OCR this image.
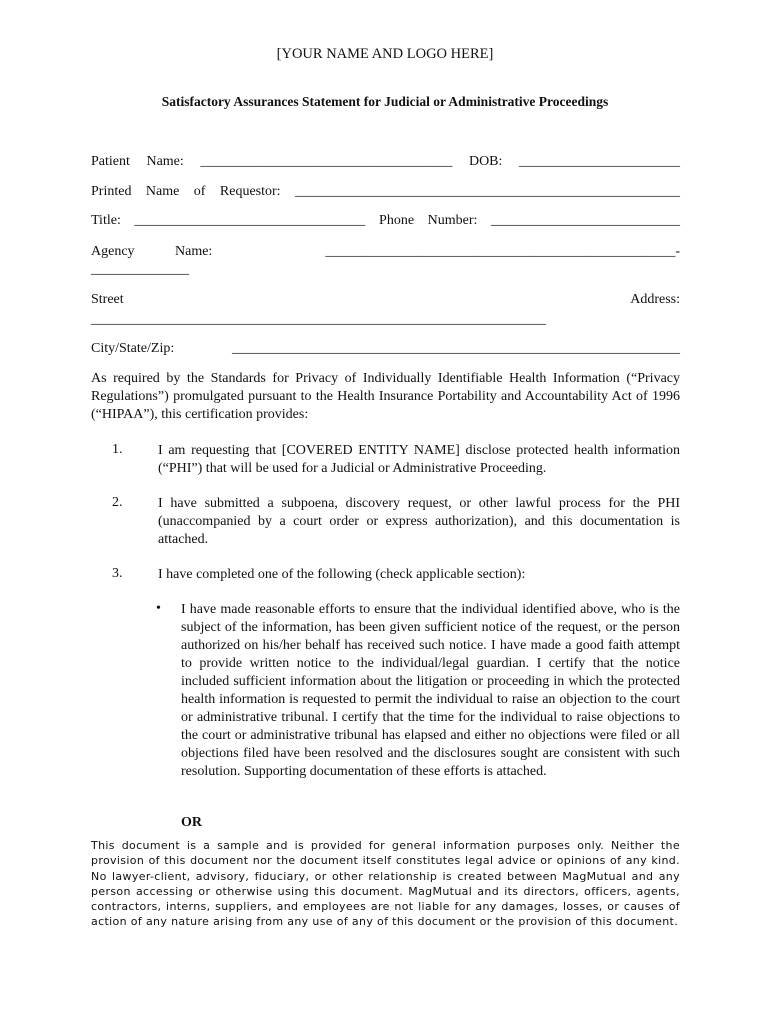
[YOUR NAME AND LOGO HERE]
Satisfactory Assurances Statement for Judicial or Administrative Proceedings
Patient Name: ____________________________________ DOB: _______________________
Printed Name of Requestor: _______________________________________________________
Title: _________________________________ Phone Number: ___________________________
Agency	Name:	__________________________________________________-
______________
Street	Address:
_________________________________________________________________
City/State/Zip: ________________________________________________________________
As required by the Standards for Privacy of Individually Identifiable Health Information (“Privacy Regulations”) promulgated pursuant to the Health Insurance Portability and Accountability Act of 1996 (“HIPAA”), this certification provides:
1.	I am requesting that [COVERED ENTITY NAME] disclose protected health information (“PHI”) that will be used for a Judicial or Administrative Proceeding.
2.	I have submitted a subpoena, discovery request, or other lawful process for the PHI (unaccompanied by a court order or express authorization), and this documentation is attached.
3.	I have completed one of the following (check applicable section):
• I have made reasonable efforts to ensure that the individual identified above, who is the subject of the information, has been given sufficient notice of the request, or the person authorized on his/her behalf has received such notice. I have made a good faith attempt to provide written notice to the individual/legal guardian. I certify that the notice included sufficient information about the litigation or proceeding in which the protected health information is requested to permit the individual to raise an objection to the court or administrative tribunal. I certify that the time for the individual to raise objections to the court or administrative tribunal has elapsed and either no objections were filed or all objections filed have been resolved and the disclosures sought are consistent with such resolution. Supporting documentation of these efforts is attached.
OR
This document is a sample and is provided for general information purposes only. Neither the provision of this document nor the document itself constitutes legal advice or opinions of any kind. No lawyer-client, advisory, fiduciary, or other relationship is created between MagMutual and any person accessing or otherwise using this document. MagMutual and its directors, officers, agents, contractors, interns, suppliers, and employees are not liable for any damages, losses, or causes of action of any nature arising from any use of any of this document or the provision of this document.
